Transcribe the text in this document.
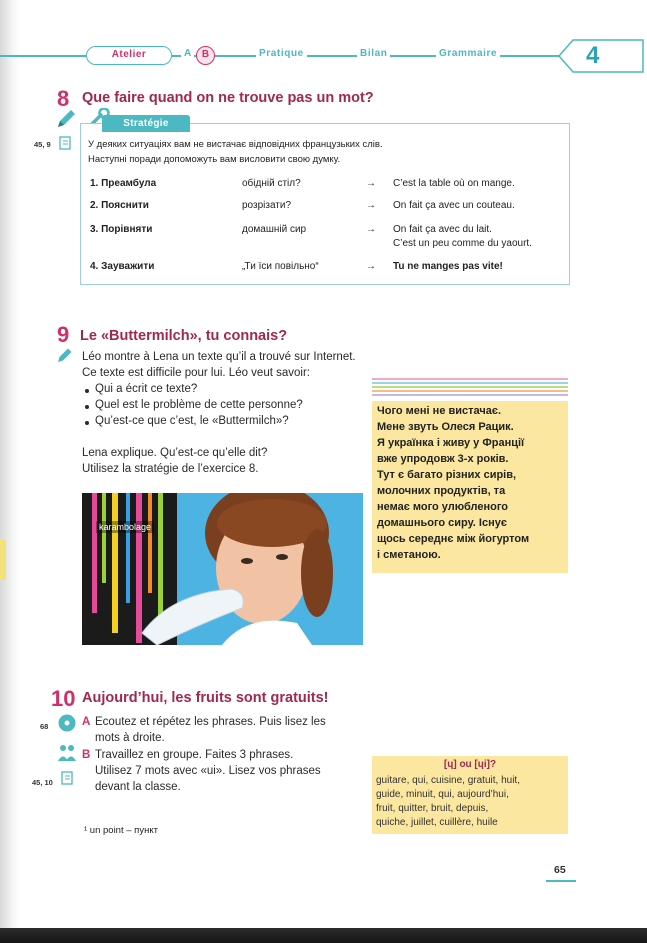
Atelier	A	B	Pratique	Bilan	Grammaire	4
8 Que faire quand on ne trouve pas un mot?
45, 9
Stratégie
У деяких ситуаціях вам не вистачає відповідних французьких слів.
Наступні поради допоможуть вам висловити свою думку.
1. Преамбула	обідній стіл?	→ C’est la table où on mange.
2. Пояснити	розрізати?	→ On fait ça avec un couteau.
3. Порівняти	домашній сир	→ On fait ça avec du lait.
C’est un peu comme du yaourt.
4. Зауважити	„Ти їси повільно“	→ Tu ne manges pas vite!
9 Le «Buttermilch», tu connais?
Léo montre à Lena un texte qu’il a trouvé sur Internet.
Ce texte est difficile pour lui. Léo veut savoir:
Qui a écrit ce texte?
Quel est le problème de cette personne?
Qu’est-ce que c’est, le «Buttermilch»?
Lena explique. Qu’est-ce qu’elle dit?
Utilisez la stratégie de l’exercice 8.
Чого мені не вистачає.
Мене звуть Олеся Рацик.
Я українка і живу у Франції
вже упродовж 3-х років.
Тут є багато різних сирів,
молочних продуктів, та
немає мого улюбленого
домашнього сиру. Існує
щось середнє між йогуртом
і сметаною.
karambolage
10 Aujourd’hui, les fruits sont gratuits!
68	A Ecoutez et répétez les phrases. Puis lisez les
mots à droite.
B Travaillez en groupe. Faites 3 phrases.
Utilisez 7 mots avec «ui». Lisez vos phrases
devant la classe.
45, 10
[ɥ] ou [ɥi]?
guitare, qui, cuisine, gratuit, huit,
guide, minuit, qui, aujourd’hui,
fruit, quitter, bruit, depuis,
quiche, juillet, cuillère, huile
¹ un point – пункт
65
